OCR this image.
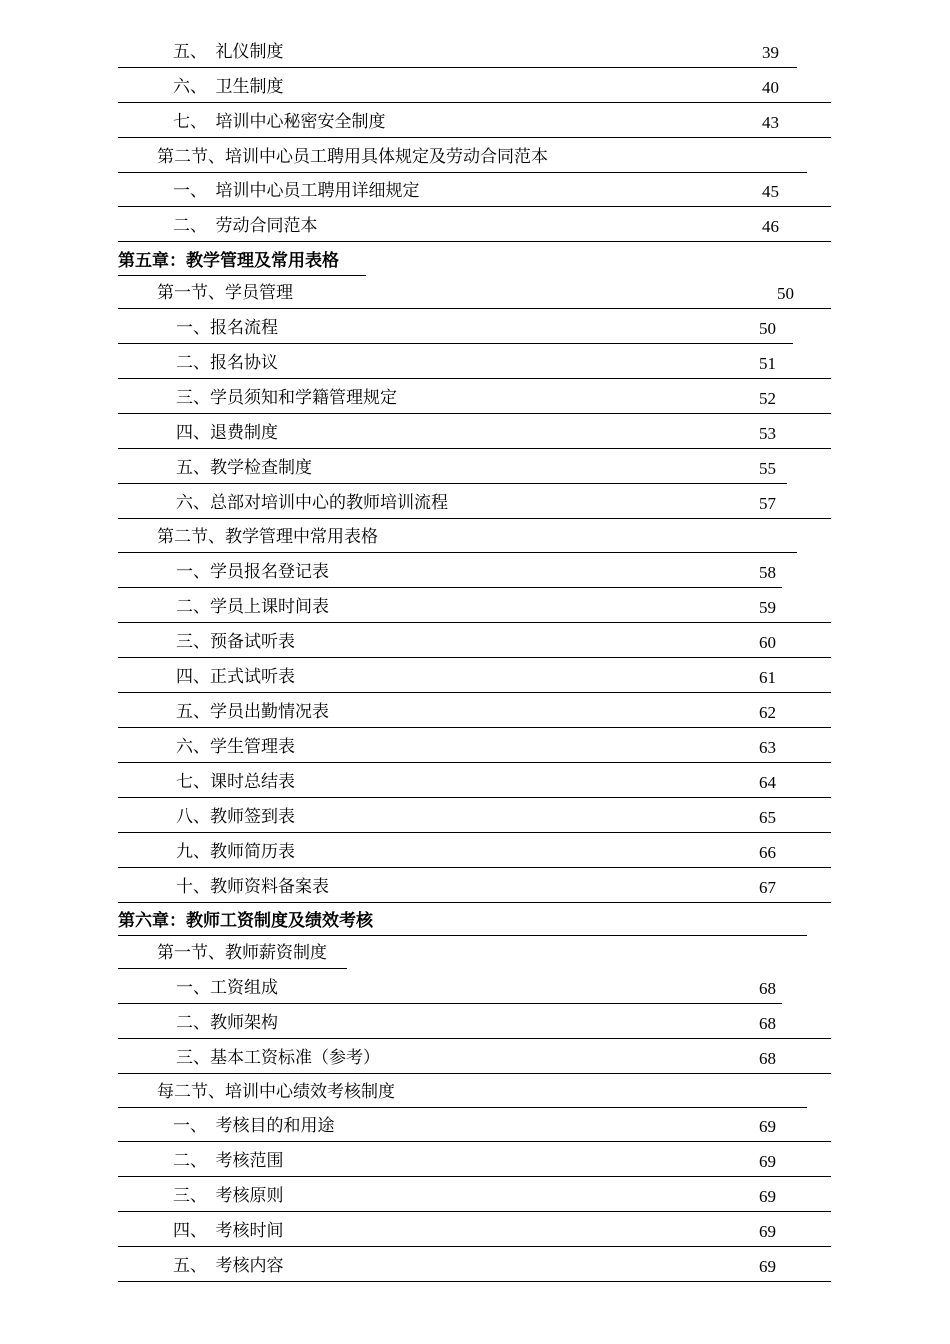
五、　礼仪制度	39
六、　卫生制度	40
七、　培训中心秘密安全制度	43
第二节、培训中心员工聘用具体规定及劳动合同范本
一、　培训中心员工聘用详细规定	45
二、　劳动合同范本	46
第五章：教学管理及常用表格
第一节、学员管理	50
一、报名流程	50
二、报名协议	51
三、学员须知和学籍管理规定	52
四、退费制度	53
五、教学检查制度	55
六、总部对培训中心的教师培训流程	57
第二节、教学管理中常用表格
一、学员报名登记表	58
二、学员上课时间表	59
三、预备试听表	60
四、正式试听表	61
五、学员出勤情况表	62
六、学生管理表	63
七、课时总结表	64
八、教师签到表	65
九、教师简历表	66
十、教师资料备案表	67
第六章：教师工资制度及绩效考核
第一节、教师薪资制度
一、工资组成	68
二、教师架构	68
三、基本工资标准（参考）	68
每二节、培训中心绩效考核制度
一、　考核目的和用途	69
二、　考核范围	69
三、　考核原则	69
四、　考核时间	69
五、　考核内容	69
